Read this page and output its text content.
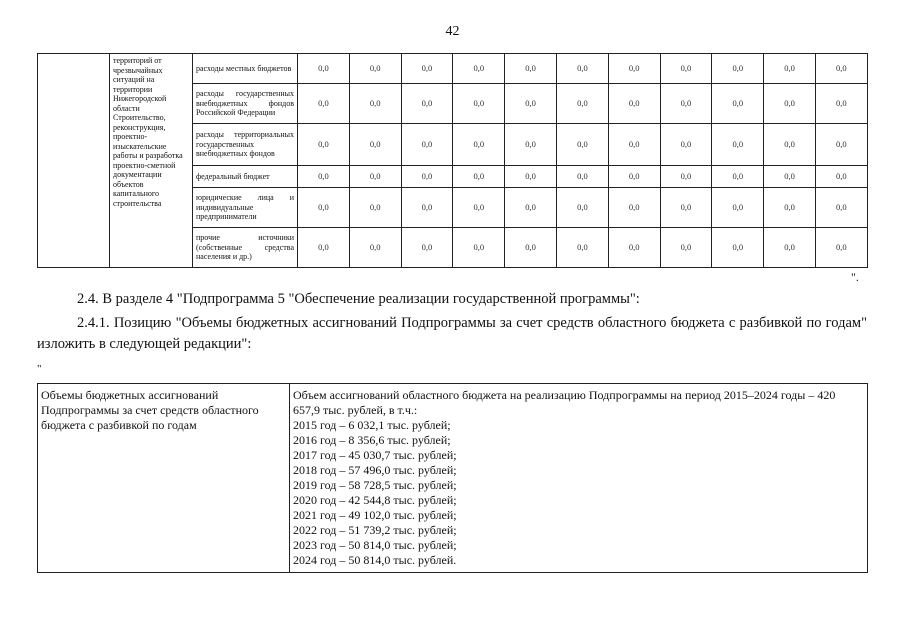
42
	территорий от чрезвычайных ситуаций на территории Нижегородской области Строительство, реконструкция, проектно-изыскательские работы и разработка проектно-сметной документации объектов капитального строительства	расходы местных бюджетов	0,0	0,0	0,0	0,0	0,0	0,0	0,0	0,0	0,0	0,0	0,0
		расходы государственных внебюджетных фондов Российской Федерации	0,0	0,0	0,0	0,0	0,0	0,0	0,0	0,0	0,0	0,0	0,0
		расходы территориальных государственных внебюджетных фондов	0,0	0,0	0,0	0,0	0,0	0,0	0,0	0,0	0,0	0,0	0,0
		федеральный бюджет	0,0	0,0	0,0	0,0	0,0	0,0	0,0	0,0	0,0	0,0	0,0
		юридические лица и индивидуальные предприниматели	0,0	0,0	0,0	0,0	0,0	0,0	0,0	0,0	0,0	0,0	0,0
		прочие источники (собственные средства населения и др.)	0,0	0,0	0,0	0,0	0,0	0,0	0,0	0,0	0,0	0,0	0,0
".
2.4. В разделе 4 "Подпрограмма 5 "Обеспечение реализации государственной программы":
2.4.1. Позицию "Объемы бюджетных ассигнований Подпрограммы за счет средств областного бюджета с разбивкой по годам" изложить в следующей редакции":
"
Объемы бюджетных ассигнований Подпрограммы за счет средств областного бюджета с разбивкой по годам	
Объем ассигнований областного бюджета на реализацию Подпрограммы на период 2015–2024 годы – 420 657,9 тыс. рублей, в т.ч.:
2015 год – 6 032,1 тыс. рублей;
2016 год – 8 356,6 тыс. рублей;
2017 год – 45 030,7 тыс. рублей;
2018 год – 57 496,0 тыс. рублей;
2019 год – 58 728,5 тыс. рублей;
2020 год – 42 544,8 тыс. рублей;
2021 год – 49 102,0 тыс. рублей;
2022 год – 51 739,2 тыс. рублей;
2023 год – 50 814,0 тыс. рублей;
2024 год – 50 814,0 тыс. рублей.
